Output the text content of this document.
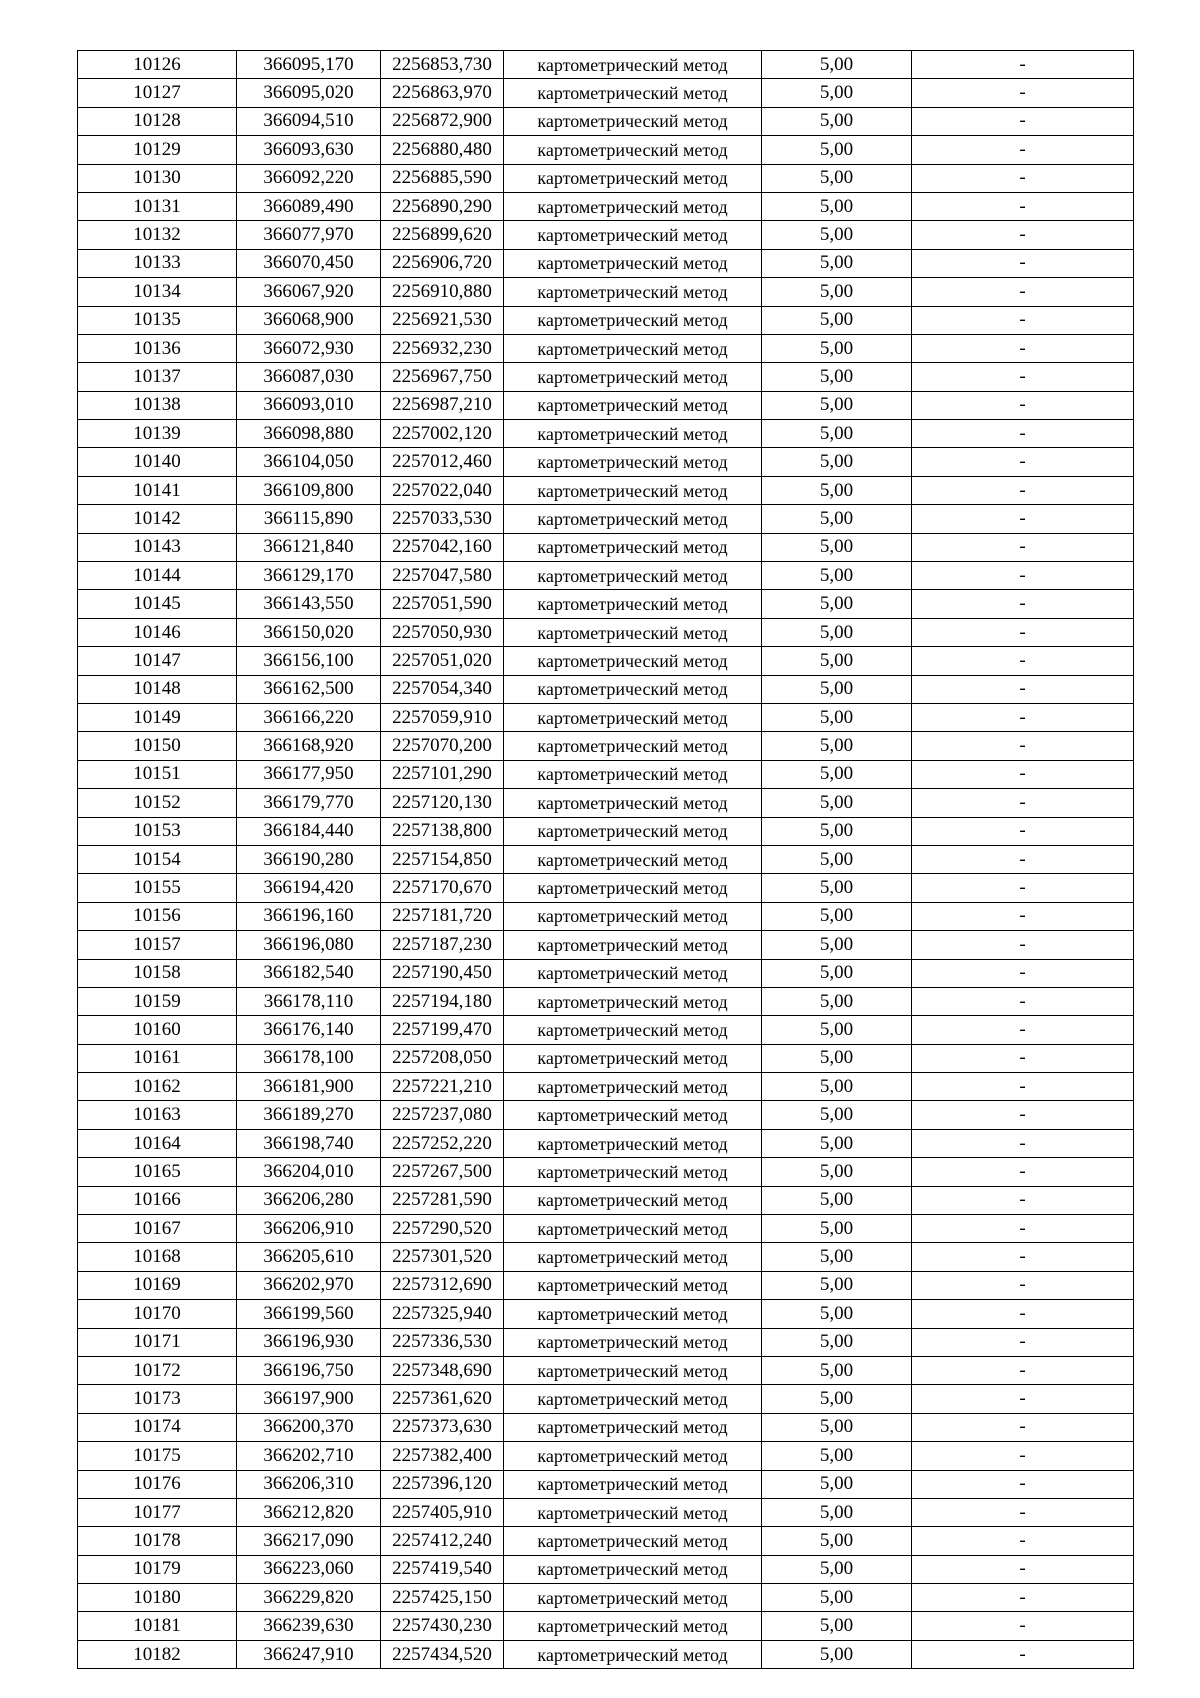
10126	366095,170	2256853,730	картометрический метод	5,00	-
10127	366095,020	2256863,970	картометрический метод	5,00	-
10128	366094,510	2256872,900	картометрический метод	5,00	-
10129	366093,630	2256880,480	картометрический метод	5,00	-
10130	366092,220	2256885,590	картометрический метод	5,00	-
10131	366089,490	2256890,290	картометрический метод	5,00	-
10132	366077,970	2256899,620	картометрический метод	5,00	-
10133	366070,450	2256906,720	картометрический метод	5,00	-
10134	366067,920	2256910,880	картометрический метод	5,00	-
10135	366068,900	2256921,530	картометрический метод	5,00	-
10136	366072,930	2256932,230	картометрический метод	5,00	-
10137	366087,030	2256967,750	картометрический метод	5,00	-
10138	366093,010	2256987,210	картометрический метод	5,00	-
10139	366098,880	2257002,120	картометрический метод	5,00	-
10140	366104,050	2257012,460	картометрический метод	5,00	-
10141	366109,800	2257022,040	картометрический метод	5,00	-
10142	366115,890	2257033,530	картометрический метод	5,00	-
10143	366121,840	2257042,160	картометрический метод	5,00	-
10144	366129,170	2257047,580	картометрический метод	5,00	-
10145	366143,550	2257051,590	картометрический метод	5,00	-
10146	366150,020	2257050,930	картометрический метод	5,00	-
10147	366156,100	2257051,020	картометрический метод	5,00	-
10148	366162,500	2257054,340	картометрический метод	5,00	-
10149	366166,220	2257059,910	картометрический метод	5,00	-
10150	366168,920	2257070,200	картометрический метод	5,00	-
10151	366177,950	2257101,290	картометрический метод	5,00	-
10152	366179,770	2257120,130	картометрический метод	5,00	-
10153	366184,440	2257138,800	картометрический метод	5,00	-
10154	366190,280	2257154,850	картометрический метод	5,00	-
10155	366194,420	2257170,670	картометрический метод	5,00	-
10156	366196,160	2257181,720	картометрический метод	5,00	-
10157	366196,080	2257187,230	картометрический метод	5,00	-
10158	366182,540	2257190,450	картометрический метод	5,00	-
10159	366178,110	2257194,180	картометрический метод	5,00	-
10160	366176,140	2257199,470	картометрический метод	5,00	-
10161	366178,100	2257208,050	картометрический метод	5,00	-
10162	366181,900	2257221,210	картометрический метод	5,00	-
10163	366189,270	2257237,080	картометрический метод	5,00	-
10164	366198,740	2257252,220	картометрический метод	5,00	-
10165	366204,010	2257267,500	картометрический метод	5,00	-
10166	366206,280	2257281,590	картометрический метод	5,00	-
10167	366206,910	2257290,520	картометрический метод	5,00	-
10168	366205,610	2257301,520	картометрический метод	5,00	-
10169	366202,970	2257312,690	картометрический метод	5,00	-
10170	366199,560	2257325,940	картометрический метод	5,00	-
10171	366196,930	2257336,530	картометрический метод	5,00	-
10172	366196,750	2257348,690	картометрический метод	5,00	-
10173	366197,900	2257361,620	картометрический метод	5,00	-
10174	366200,370	2257373,630	картометрический метод	5,00	-
10175	366202,710	2257382,400	картометрический метод	5,00	-
10176	366206,310	2257396,120	картометрический метод	5,00	-
10177	366212,820	2257405,910	картометрический метод	5,00	-
10178	366217,090	2257412,240	картометрический метод	5,00	-
10179	366223,060	2257419,540	картометрический метод	5,00	-
10180	366229,820	2257425,150	картометрический метод	5,00	-
10181	366239,630	2257430,230	картометрический метод	5,00	-
10182	366247,910	2257434,520	картометрический метод	5,00	-
